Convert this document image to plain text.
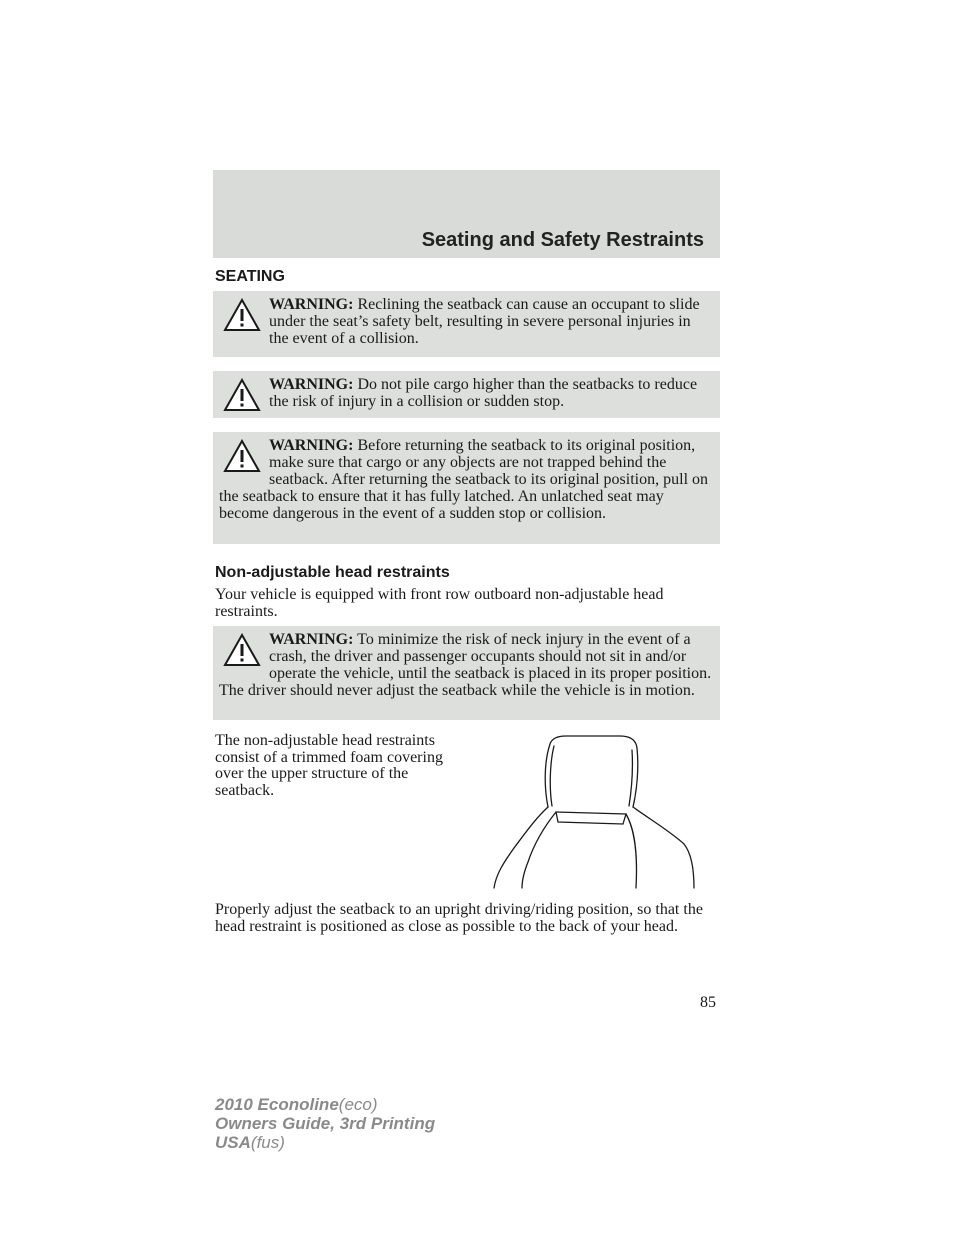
Seating and Safety Restraints
SEATING
WARNING: Reclining the seatback can cause an occupant to slide under the seat’s safety belt, resulting in severe personal injuries in the event of a collision.
WARNING: Do not pile cargo higher than the seatbacks to reduce the risk of injury in a collision or sudden stop.
WARNING: Before returning the seatback to its original position, make sure that cargo or any objects are not trapped behind the seatback. After returning the seatback to its original position, pull on the seatback to ensure that it has fully latched. An unlatched seat may become dangerous in the event of a sudden stop or collision.
Non-adjustable head restraints
Your vehicle is equipped with front row outboard non-adjustable head restraints.
WARNING: To minimize the risk of neck injury in the event of a crash, the driver and passenger occupants should not sit in and/or operate the vehicle, until the seatback is placed in its proper position. The driver should never adjust the seatback while the vehicle is in motion.
The non-adjustable head restraints consist of a trimmed foam covering over the upper structure of the seatback.
Properly adjust the seatback to an upright driving/riding position, so that the head restraint is positioned as close as possible to the back of your head.
85
2010 Econoline(eco)
Owners Guide, 3rd Printing
USA(fus)
